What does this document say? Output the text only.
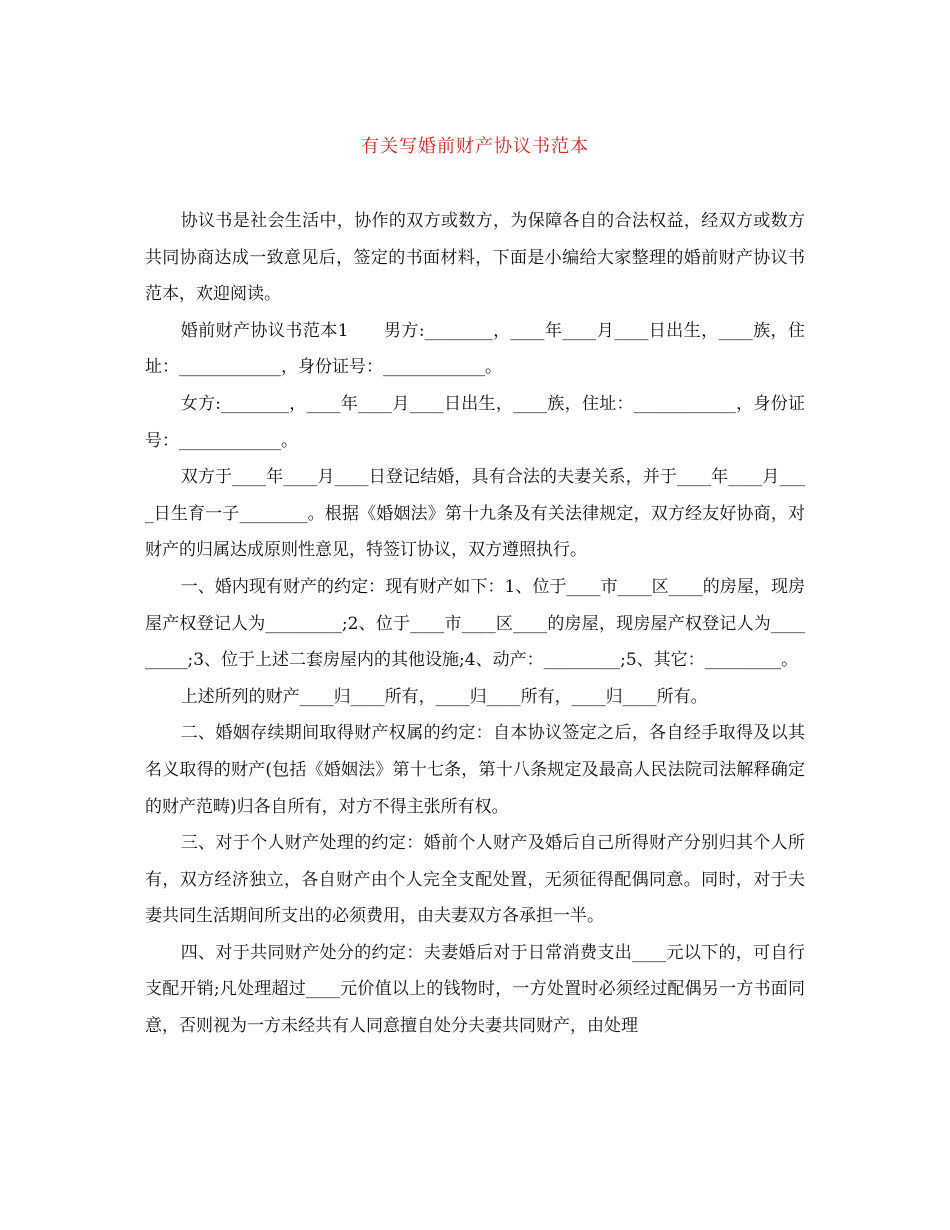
有关写婚前财产协议书范本

协议书是社会生活中，协作的双方或数方，为保障各自的合法权益，经双方或数方共同协商达成一致意见后，签定的书面材料，下面是小编给大家整理的婚前财产协议书范本，欢迎阅读。

婚前财产协议书范本1　　男方:________，____年____月____日出生，____族，住址：____________，身份证号：____________。

女方:________，____年____月____日出生，____族，住址：____________，身份证号：____________。

双方于____年____月____日登记结婚，具有合法的夫妻关系，并于____年____月____日生育一子________。根据《婚姻法》第十九条及有关法律规定，双方经友好协商，对财产的归属达成原则性意见，特签订协议，双方遵照执行。

一、婚内现有财产的约定：现有财产如下：1、位于____市____区____的房屋，现房屋产权登记人为_________;2、位于____市____区____的房屋，现房屋产权登记人为_________;3、位于上述二套房屋内的其他设施;4、动产：_________;5、其它：_________。

上述所列的财产____归____所有，____归____所有，____归____所有。

二、婚姻存续期间取得财产权属的约定：自本协议签定之后，各自经手取得及以其名义取得的财产(包括《婚姻法》第十七条，第十八条规定及最高人民法院司法解释确定的财产范畴)归各自所有，对方不得主张所有权。

三、对于个人财产处理的约定：婚前个人财产及婚后自己所得财产分别归其个人所有，双方经济独立，各自财产由个人完全支配处置，无须征得配偶同意。同时，对于夫妻共同生活期间所支出的必须费用，由夫妻双方各承担一半。

四、对于共同财产处分的约定：夫妻婚后对于日常消费支出____元以下的，可自行支配开销;凡处理超过____元价值以上的钱物时，一方处置时必须经过配偶另一方书面同意，否则视为一方未经共有人同意擅自处分夫妻共同财产，由处理
